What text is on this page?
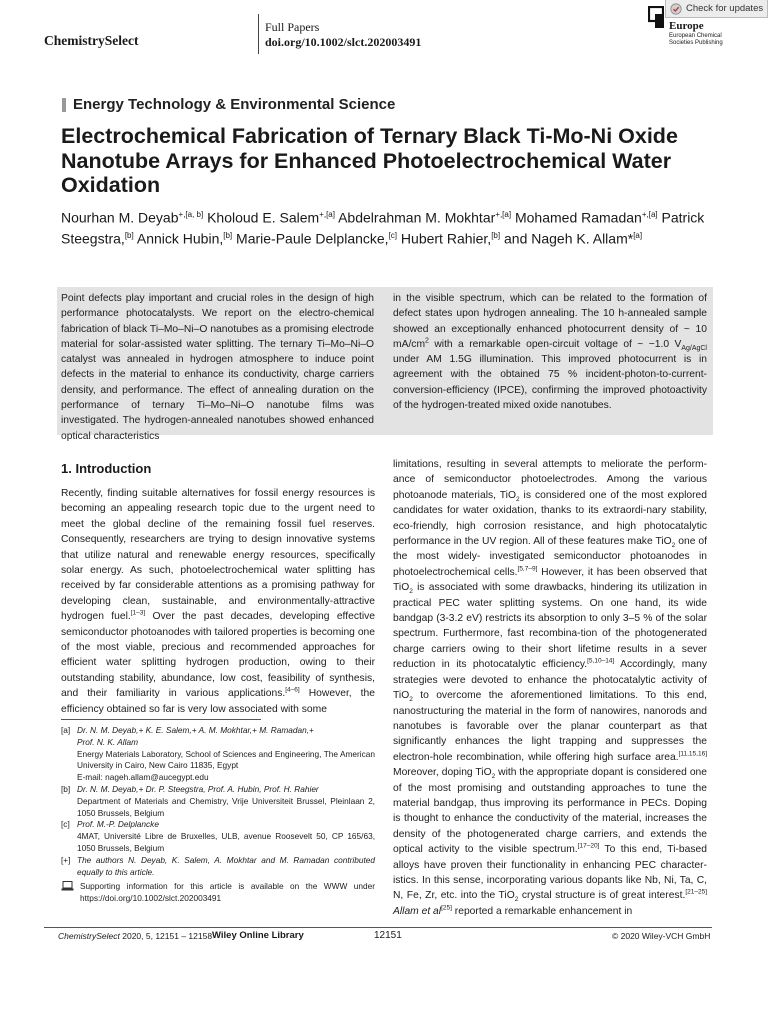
ChemistrySelect
Full Papers
doi.org/10.1002/slct.202003491
Check for updates
Europe
European Chemical
Societies Publishing
Energy Technology & Environmental Science
Electrochemical Fabrication of Ternary Black Ti-Mo-Ni Oxide Nanotube Arrays for Enhanced Photoelectrochemical Water Oxidation
Nourhan M. Deyab$^{+,[a, b]}$ Kholoud E. Salem$^{+,[a]}$ Abdelrahman M. Mokhtar$^{+,[a]}$ Mohamed Ramadan$^{+,[a]}$ Patrick Steegstra,[b] Annick Hubin,[b] Marie-Paule Delplancke,[c] Hubert Rahier,[b] and Nageh K. Allam*[a]
Point defects play important and crucial roles in the design of high performance photocatalysts. We report on the electro-chemical fabrication of black Ti–Mo–Ni–O nanotubes as a promising electrode material for solar-assisted water splitting. The ternary Ti–Mo–Ni–O catalyst was annealed in hydrogen atmosphere to induce point defects in the material to enhance its conductivity, charge carriers density, and performance. The effect of annealing duration on the performance of ternary Ti–Mo–Ni–O nanotube films was investigated. The hydrogen-annealed nanotubes showed enhanced optical characteristics
in the visible spectrum, which can be related to the formation of defect states upon hydrogen annealing. The 10 h-annealed sample showed an exceptionally enhanced photocurrent density of ~ 10 $mA/cm^2$ with a remarkable open-circuit voltage of ~ −1.0 $V_{Ag/AgCl}$ under AM 1.5G illumination. This improved photocurrent is in agreement with the obtained 75 % incident-photon-to-current-conversion-efficiency (IPCE), confirming the improved photoactivity of the hydrogen-treated mixed oxide nanotubes.
1. Introduction
Recently, finding suitable alternatives for fossil energy resources is becoming an appealing research topic due to the urgent need to meet the global decline of the remaining fossil fuel reserves. Consequently, researchers are trying to design innovative systems that utilize natural and renewable energy resources, specifically solar energy. As such, photoelectrochemical water splitting has received by far considerable attentions as a promising pathway for developing clean, sustainable, and environmentally-attractive hydrogen fuel.[1–3] Over the past decades, developing effective semiconductor photoanodes with tailored properties is becoming one of the most viable, precious and recommended approaches for efficient water splitting hydrogen production, owing to their outstanding stability, abundance, low cost, feasibility of synthesis, and their familiarity in various applications.[4–6] However, the efficiency obtained so far is very low associated with some
limitations, resulting in several attempts to meliorate the perform-ance of semiconductor photoelectrodes. Among the various photoanode materials, TiO$_2$ is considered one of the most explored candidates for water oxidation, thanks to its extraordi-nary stability, eco-friendly, high corrosion resistance, and high photocatalytic performance in the UV region. All of these features make TiO$_2$ one of the most widely- investigated semiconductor photoanodes in photoelectrochemical cells.[5,7–9] However, it has been observed that TiO$_2$ is associated with some drawbacks, hindering its utilization in practical PEC water splitting systems. On one hand, its wide bandgap (3-3.2 eV) restricts its absorption to only 3–5 % of the solar spectrum. Furthermore, fast recombina-tion of the photogenerated charge carriers owing to their short lifetime results in a sever reduction in its photocatalytic efficiency.[5,10–14] Accordingly, many strategies were devoted to enhance the photocatalytic activity of TiO$_2$ to overcome the aforementioned limitations. To this end, nanostructuring the material in the form of nanowires, nanorods and nanotubes is favorable over the planar counterpart as that significantly enhances the light trapping and suppresses the electron-hole recombination, while offering high surface area.[11,15,16] Moreover, doping TiO$_2$ with the appropriate dopant is considered one of the most promising and outstanding approaches to tune the material bandgap, thus improving its performance in PECs. Doping is thought to enhance the conductivity of the material, increases the density of the photogenerated charge carriers, and extends the optical activity to the visible spectrum.[17–20] To this end, Ti-based alloys have proven their functionality in enhancing PEC character-istics. In this sense, incorporating various dopants like Nb, Ni, Ta, C, N, Fe, Zr, etc. into the TiO$_2$ crystal structure is of great interest.[21–25] Allam et al[25] reported a remarkable enhancement in
[a] Dr. N. M. Deyab,+ K. E. Salem,+ A. M. Mokhtar,+ M. Ramadan,+

Prof. N. K. Allam

Energy Materials Laboratory, School of Sciences and Engineering, The American University in Cairo, New Cairo 11835, Egypt

E-mail: nageh.allam@aucegypt.edu

[b] Dr. N. M. Deyab,+ Dr. P. Steegstra, Prof. A. Hubin, Prof. H. Rahier

Department of Materials and Chemistry, Vrije Universiteit Brussel, Pleinlaan 2, 1050 Brussels, Belgium

[c] Prof. M.-P. Delplancke

4MAT, Université Libre de Bruxelles, ULB, avenue Roosevelt 50, CP 165/63, 1050 Brussels, Belgium

[+] The authors N. Deyab, K. Salem, A. Mokhtar and M. Ramadan contributed equally to this article.

Supporting information for this article is available on the WWW under https://doi.org/10.1002/slct.202003491

ChemistrySelect 2020, 5, 12151 – 12158 Wiley Online Library	12151	© 2020 Wiley-VCH GmbH
